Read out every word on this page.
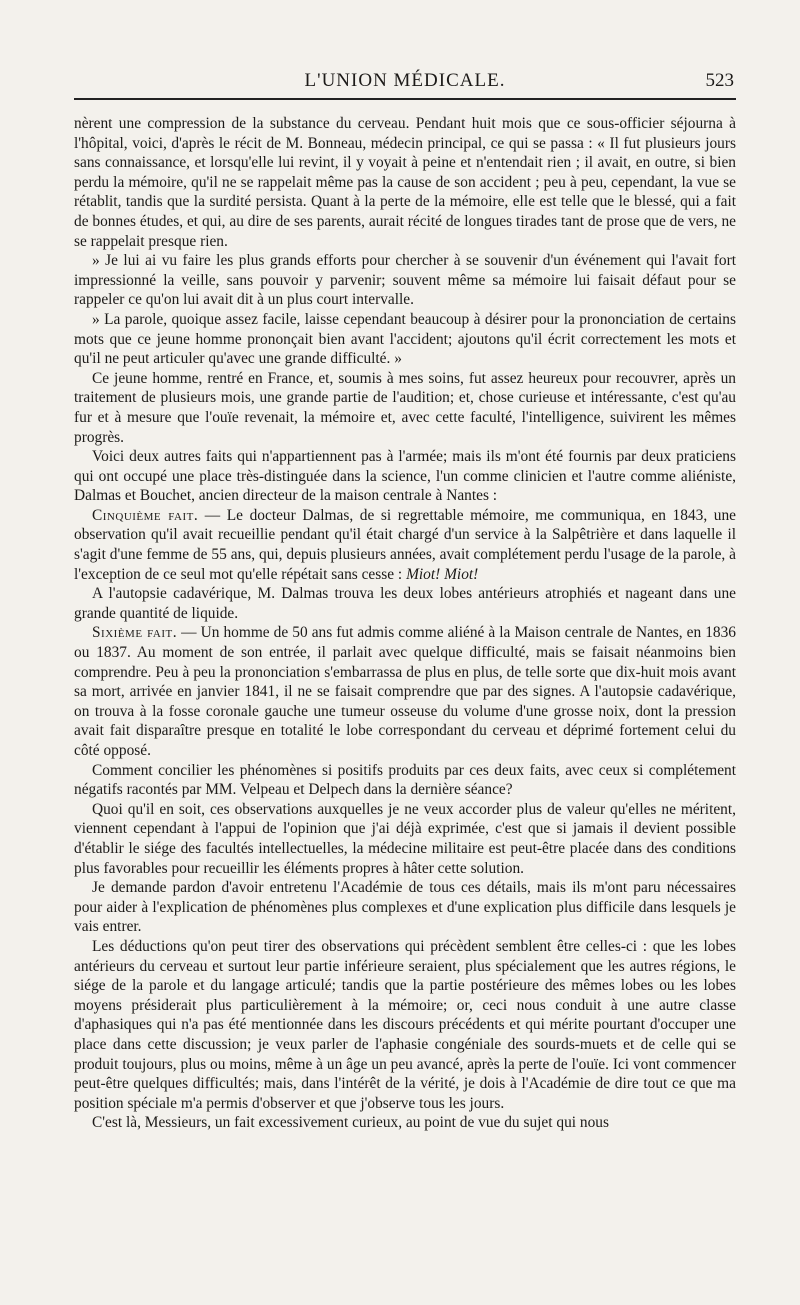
L'UNION MÉDICALE.	523

nèrent une compression de la substance du cerveau. Pendant huit mois que ce sous-officier séjourna à l'hôpital, voici, d'après le récit de M. Bonneau, médecin principal, ce qui se passa : « Il fut plusieurs jours sans connaissance, et lorsqu'elle lui revint, il y voyait à peine et n'entendait rien ; il avait, en outre, si bien perdu la mémoire, qu'il ne se rappelait même pas la cause de son accident ; peu à peu, cependant, la vue se rétablit, tandis que la surdité persista. Quant à la perte de la mémoire, elle est telle que le blessé, qui a fait de bonnes études, et qui, au dire de ses parents, aurait récité de longues tirades tant de prose que de vers, ne se rappelait presque rien.

» Je lui ai vu faire les plus grands efforts pour chercher à se souvenir d'un événement qui l'avait fort impressionné la veille, sans pouvoir y parvenir; souvent même sa mémoire lui faisait défaut pour se rappeler ce qu'on lui avait dit à un plus court intervalle.

» La parole, quoique assez facile, laisse cependant beaucoup à désirer pour la prononciation de certains mots que ce jeune homme prononçait bien avant l'accident; ajoutons qu'il écrit correctement les mots et qu'il ne peut articuler qu'avec une grande difficulté. »

Ce jeune homme, rentré en France, et, soumis à mes soins, fut assez heureux pour recouvrer, après un traitement de plusieurs mois, une grande partie de l'audition; et, chose curieuse et intéressante, c'est qu'au fur et à mesure que l'ouïe revenait, la mémoire et, avec cette faculté, l'intelligence, suivirent les mêmes progrès.

Voici deux autres faits qui n'appartiennent pas à l'armée; mais ils m'ont été fournis par deux praticiens qui ont occupé une place très-distinguée dans la science, l'un comme clinicien et l'autre comme aliéniste, Dalmas et Bouchet, ancien directeur de la maison centrale à Nantes :

Cinquième fait. — Le docteur Dalmas, de si regrettable mémoire, me communiqua, en 1843, une observation qu'il avait recueillie pendant qu'il était chargé d'un service à la Salpêtrière et dans laquelle il s'agit d'une femme de 55 ans, qui, depuis plusieurs années, avait complétement perdu l'usage de la parole, à l'exception de ce seul mot qu'elle répétait sans cesse : Miot! Miot!

A l'autopsie cadavérique, M. Dalmas trouva les deux lobes antérieurs atrophiés et nageant dans une grande quantité de liquide.

Sixième fait. — Un homme de 50 ans fut admis comme aliéné à la Maison centrale de Nantes, en 1836 ou 1837. Au moment de son entrée, il parlait avec quelque difficulté, mais se faisait néanmoins bien comprendre. Peu à peu la prononciation s'embarrassa de plus en plus, de telle sorte que dix-huit mois avant sa mort, arrivée en janvier 1841, il ne se faisait comprendre que par des signes. A l'autopsie cadavérique, on trouva à la fosse coronale gauche une tumeur osseuse du volume d'une grosse noix, dont la pression avait fait disparaître presque en totalité le lobe correspondant du cerveau et déprimé fortement celui du côté opposé.

Comment concilier les phénomènes si positifs produits par ces deux faits, avec ceux si complétement négatifs racontés par MM. Velpeau et Delpech dans la dernière séance?

Quoi qu'il en soit, ces observations auxquelles je ne veux accorder plus de valeur qu'elles ne méritent, viennent cependant à l'appui de l'opinion que j'ai déjà exprimée, c'est que si jamais il devient possible d'établir le siége des facultés intellectuelles, la médecine militaire est peut-être placée dans des conditions plus favorables pour recueillir les éléments propres à hâter cette solution.

Je demande pardon d'avoir entretenu l'Académie de tous ces détails, mais ils m'ont paru nécessaires pour aider à l'explication de phénomènes plus complexes et d'une explication plus difficile dans lesquels je vais entrer.

Les déductions qu'on peut tirer des observations qui précèdent semblent être celles-ci : que les lobes antérieurs du cerveau et surtout leur partie inférieure seraient, plus spécialement que les autres régions, le siége de la parole et du langage articulé; tandis que la partie postérieure des mêmes lobes ou les lobes moyens présiderait plus particulièrement à la mémoire; or, ceci nous conduit à une autre classe d'aphasiques qui n'a pas été mentionnée dans les discours précédents et qui mérite pourtant d'occuper une place dans cette discussion; je veux parler de l'aphasie congéniale des sourds-muets et de celle qui se produit toujours, plus ou moins, même à un âge un peu avancé, après la perte de l'ouïe. Ici vont commencer peut-être quelques difficultés; mais, dans l'intérêt de la vérité, je dois à l'Académie de dire tout ce que ma position spéciale m'a permis d'observer et que j'observe tous les jours.

C'est là, Messieurs, un fait excessivement curieux, au point de vue du sujet qui nous
